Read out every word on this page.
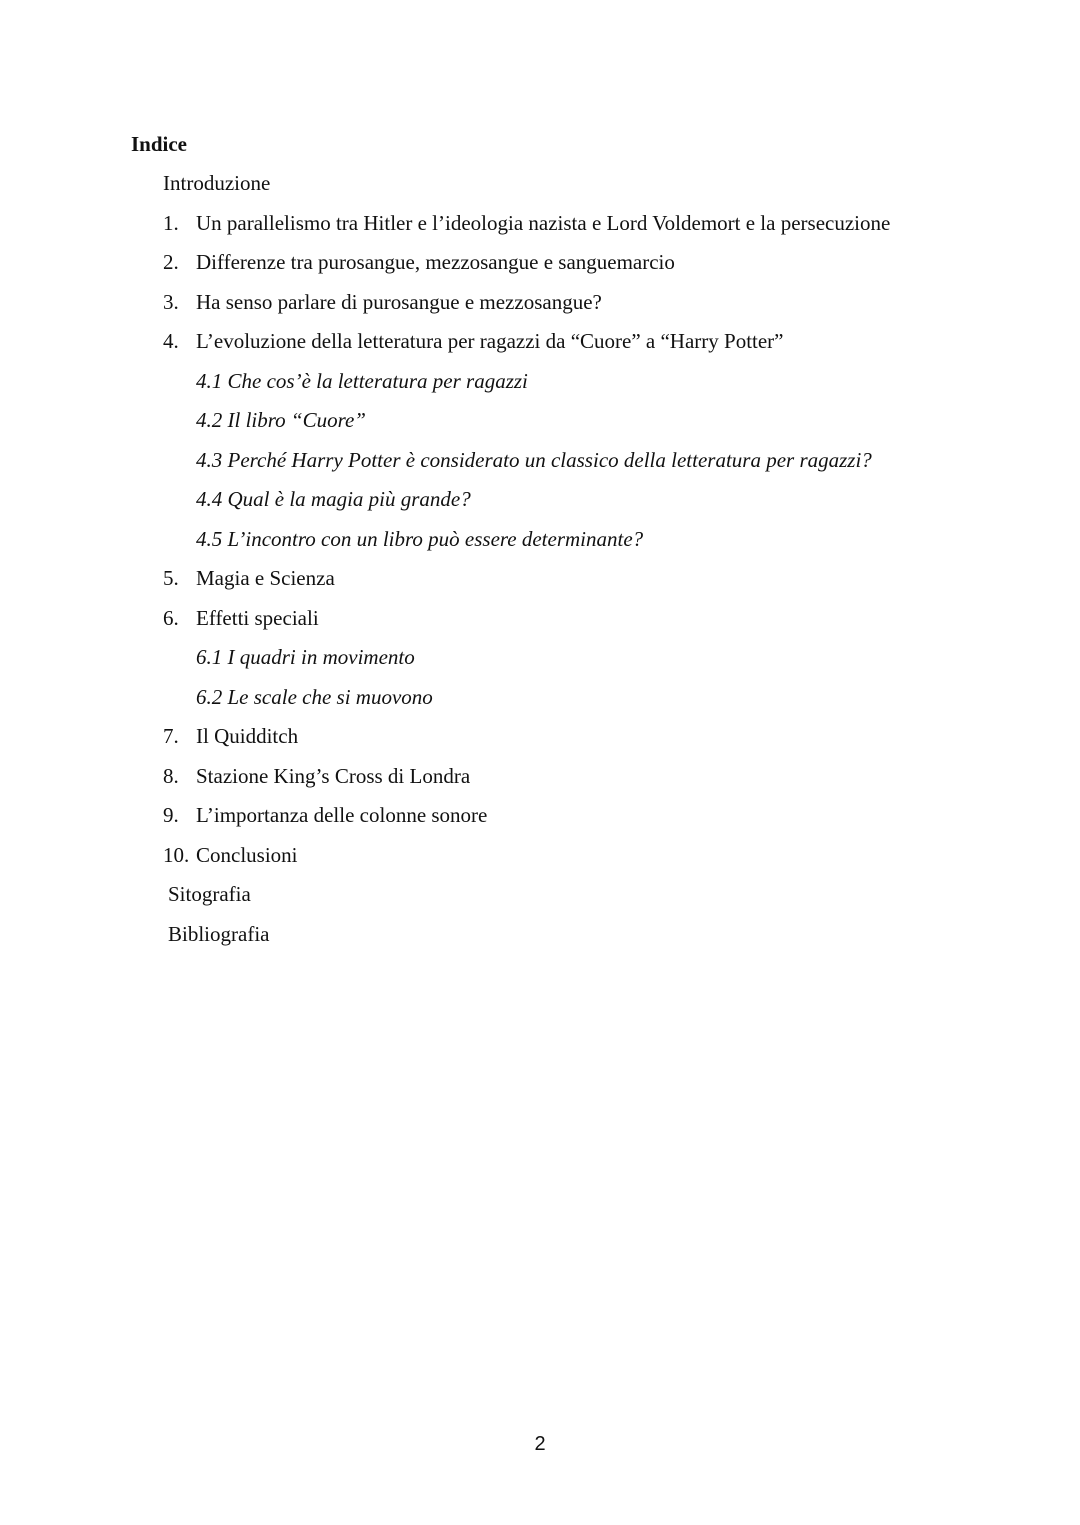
Indice
Introduzione
1. Un parallelismo tra Hitler e l’ideologia nazista e Lord Voldemort e la persecuzione
2. Differenze tra purosangue, mezzosangue e sanguemarcio
3. Ha senso parlare di purosangue e mezzosangue?
4. L’evoluzione della letteratura per ragazzi da “Cuore” a “Harry Potter”
4.1 Che cos’è la letteratura per ragazzi
4.2 Il libro “Cuore”
4.3 Perché Harry Potter è considerato un classico della letteratura per ragazzi?
4.4 Qual è la magia più grande?
4.5 L’incontro con un libro può essere determinante?
5. Magia e Scienza
6. Effetti speciali
6.1 I quadri in movimento
6.2 Le scale che si muovono
7. Il Quidditch
8. Stazione King’s Cross di Londra
9. L’importanza delle colonne sonore
10. Conclusioni
Sitografia
Bibliografia
2
